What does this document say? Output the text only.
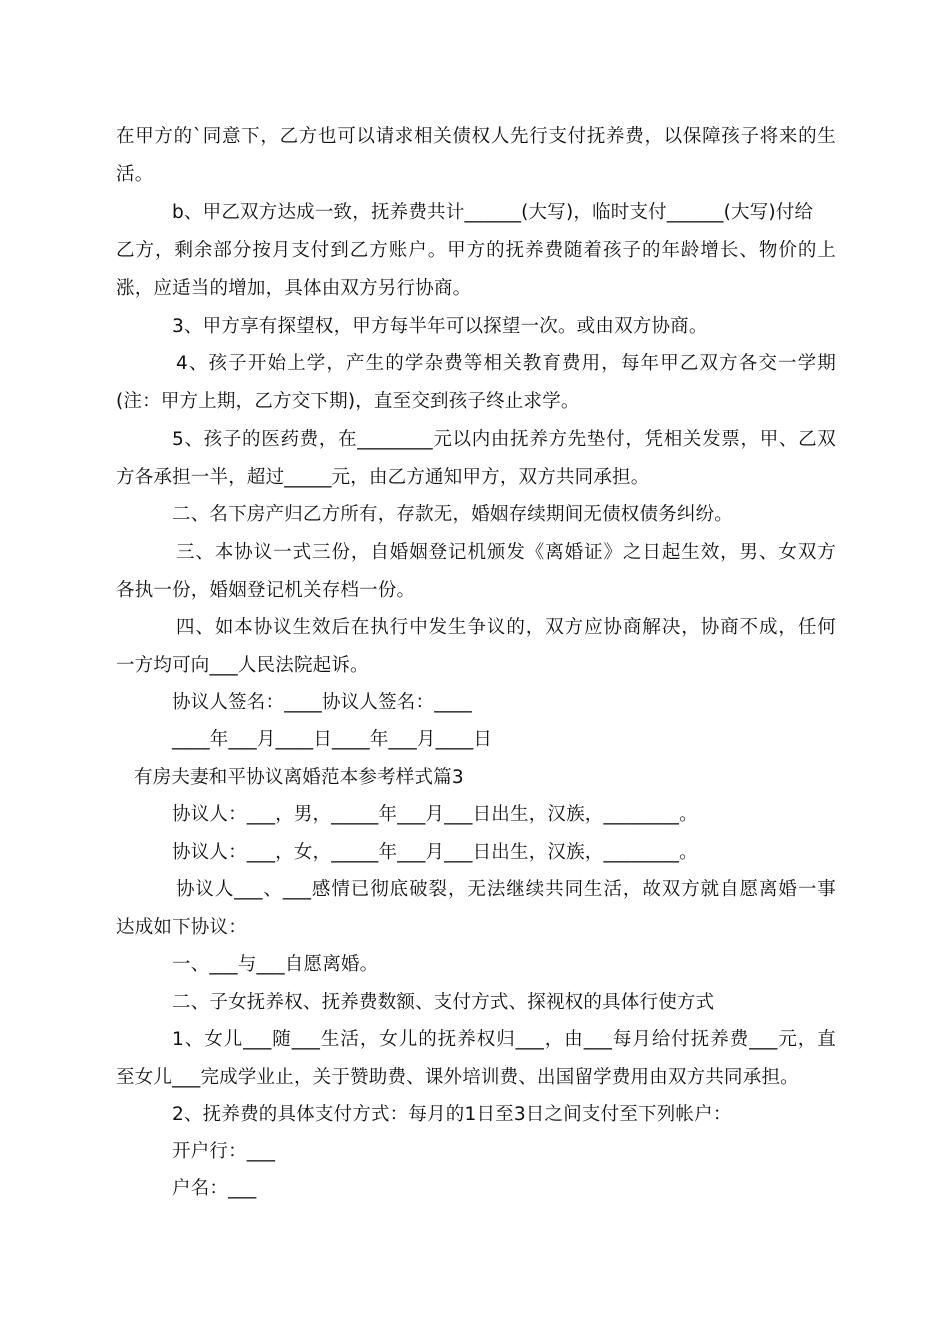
在甲方的`同意下，乙方也可以请求相关债权人先行支付抚养费，以保障孩子将来的生
活。
b、甲乙双方达成一致，抚养费共计______(大写)，临时支付______(大写)付给
乙方，剩余部分按月支付到乙方账户。甲方的抚养费随着孩子的年龄增长、物价的上
涨，应适当的增加，具体由双方另行协商。
3、甲方享有探望权，甲方每半年可以探望一次。或由双方协商。
4、孩子开始上学，产生的学杂费等相关教育费用，每年甲乙双方各交一学期
(注：甲方上期，乙方交下期)，直至交到孩子终止求学。
5、孩子的医药费，在________元以内由抚养方先垫付，凭相关发票，甲、乙双
方各承担一半，超过_____元，由乙方通知甲方，双方共同承担。
二、名下房产归乙方所有，存款无，婚姻存续期间无债权债务纠纷。
三、本协议一式三份，自婚姻登记机颁发《离婚证》之日起生效，男、女双方
各执一份，婚姻登记机关存档一份。
四、如本协议生效后在执行中发生争议的，双方应协商解决，协商不成，任何
一方均可向___人民法院起诉。
协议人签名：____协议人签名：____
____年___月____日____年___月____日
有房夫妻和平协议离婚范本参考样式篇3
协议人：___，男，_____年___月___日出生，汉族，________。
协议人：___，女，_____年___月___日出生，汉族，________。
协议人___、___感情已彻底破裂，无法继续共同生活，故双方就自愿离婚一事
达成如下协议：
一、___与___自愿离婚。
二、子女抚养权、抚养费数额、支付方式、探视权的具体行使方式
1、女儿___随___生活，女儿的抚养权归___，由___每月给付抚养费___元，直
至女儿___完成学业止，关于赞助费、课外培训费、出国留学费用由双方共同承担。
2、抚养费的具体支付方式：每月的1日至3日之间支付至下列帐户：
开户行：___
户名：___
